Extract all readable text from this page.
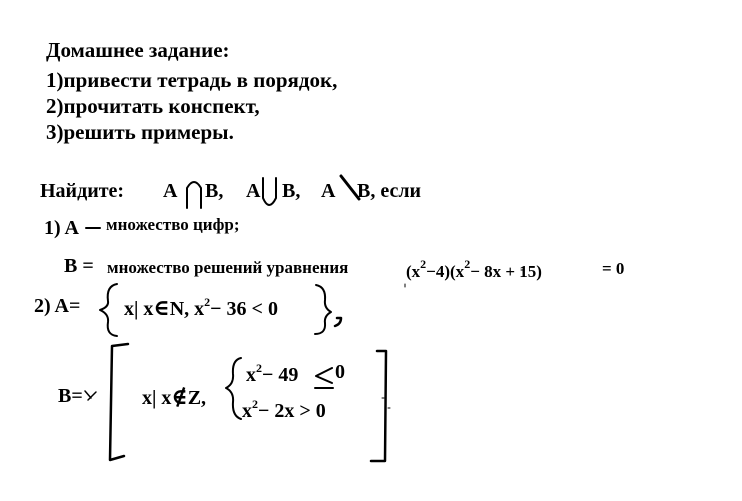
Домашнее задание:
1)привести тетрадь в порядок,
2)прочитать конспект,
3)решить примеры.
Найдите: A B, A B, A B, если
1) A множество цифр;
B = множество решений уравнения	$(x^2-4)(x^2- 8x + 15)$	= 0
2) A= x| x∈N, $x^2- 36 < 0$
B=	x| x∉Z,
$x^2- 49$ 0
$x^2- 2x > 0$
